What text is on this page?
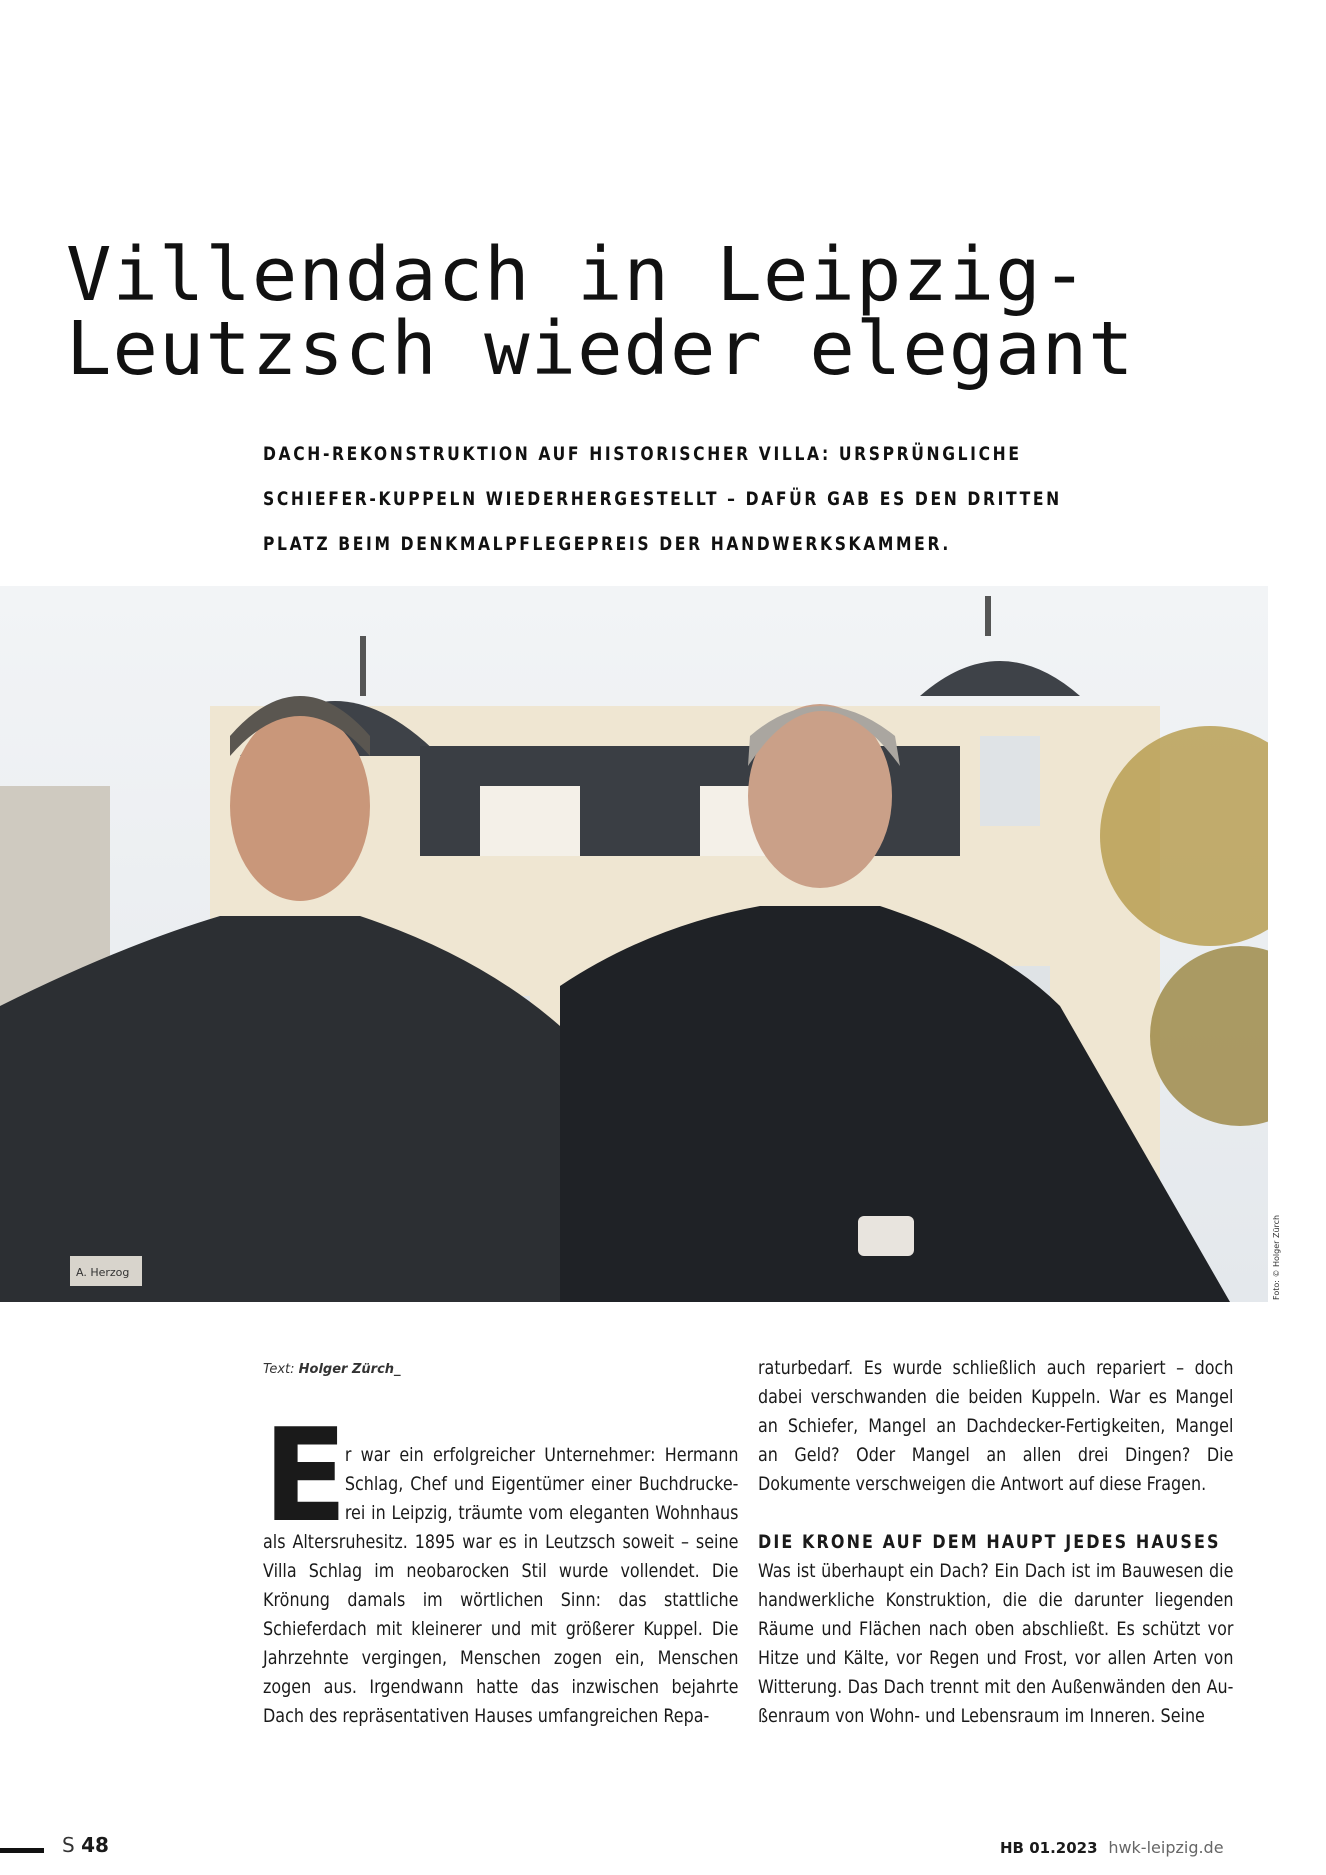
Villendach in Leipzig-
Leutzsch wieder elegant
DACH-REKONSTRUKTION AUF HISTORISCHER VILLA: URSPRÜNGLICHE
SCHIEFER-KUPPELN WIEDERHERGESTELLT – DAFÜR GAB ES DEN DRITTEN
PLATZ BEIM DENKMALPFLEGEPREIS DER HANDWERKSKAMMER.
A. Herzog	Foto: © Holger Zürch
Text: Holger Zürch_
E
r war ein erfolgreicher Unternehmer: Hermann Schlag, Chef und Eigentümer einer Buchdruckerei in Leipzig, träumte vom eleganten Wohnhaus als Altersruhesitz. 1895 war es in Leutzsch soweit – seine Villa Schlag im neobarocken Stil wurde vollendet. Die Krönung damals im wörtlichen Sinn: das stattliche Schieferdach mit kleinerer und mit größerer Kuppel. Die Jahrzehnte vergingen, Menschen zogen ein, Menschen zogen aus. Irgendwann hatte das inzwischen bejahrte Dach des repräsentativen Hauses umfangreichen Repa-

raturbedarf. Es wurde schließlich auch repariert – doch dabei verschwanden die beiden Kuppeln. War es Mangel an Schiefer, Mangel an Dachdecker-Fertigkeiten, Mangel an Geld? Oder Mangel an allen drei Dingen? Die Dokumente verschweigen die Antwort auf diese Fragen.

DIE KRONE AUF DEM HAUPT JEDES HAUSES

Was ist überhaupt ein Dach? Ein Dach ist im Bauwesen die handwerkliche Konstruktion, die die darunter liegenden Räume und Flächen nach oben abschließt. Es schützt vor Hitze und Kälte, vor Regen und Frost, vor allen Arten von Witterung. Das Dach trennt mit den Außenwänden den Außenraum von Wohn- und Lebensraum im Inneren. Seine

S 48	HB 01.2023 hwk-leipzig.de
